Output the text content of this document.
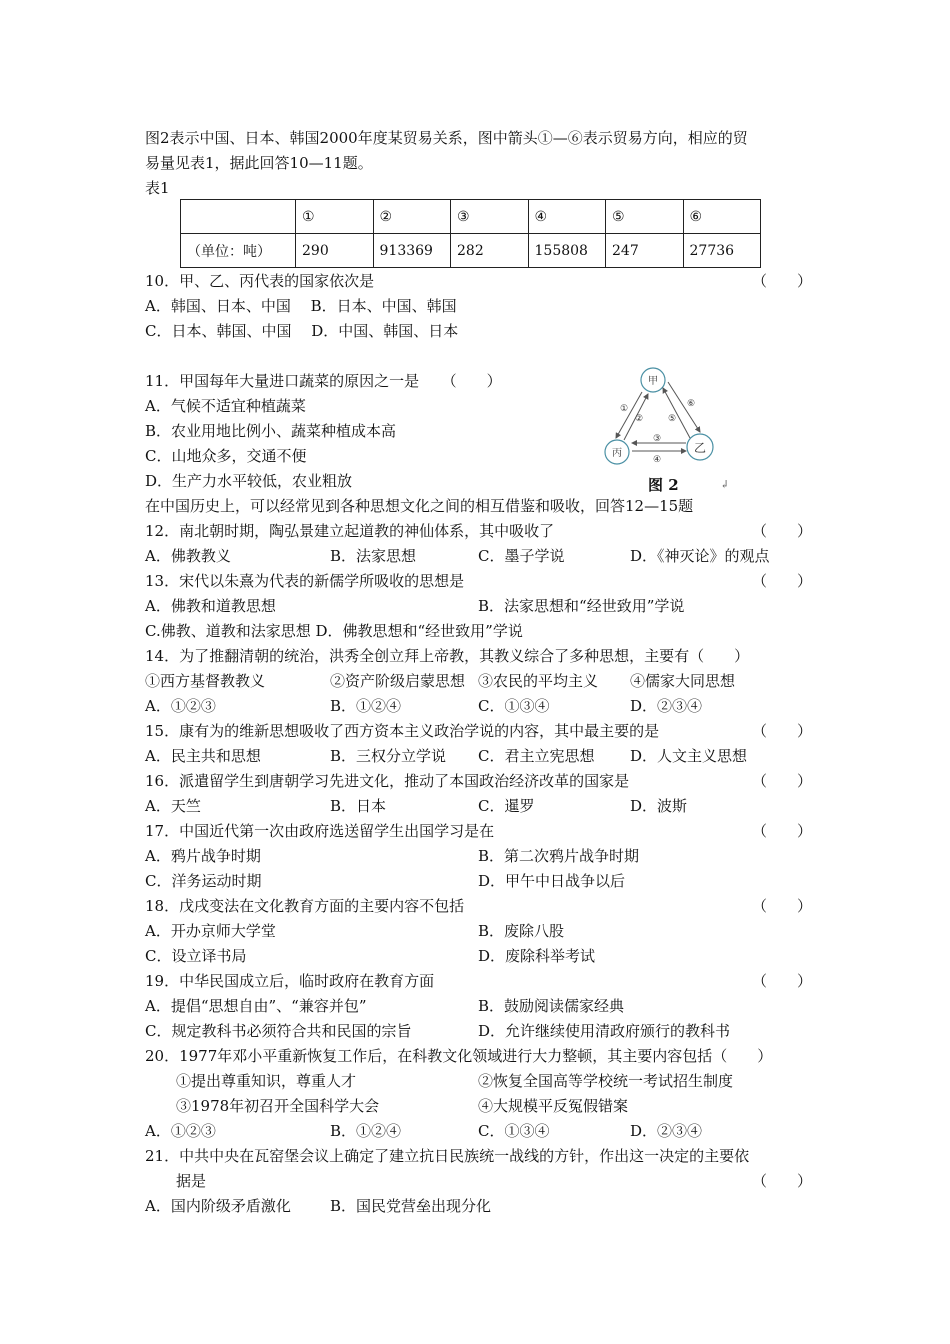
图2表示中国、日本、韩国2000年度某贸易关系，图中箭头①—⑥表示贸易方向，相应的贸
易量见表1，据此回答10—11题。
表1
	①	②	③	④	⑤	⑥
（单位：吨）	290	913369	282	155808	247	27736
10．甲、乙、丙代表的国家依次是	（　　）
A．韩国、日本、中国　 B．日本、中国、韩国
C．日本、韩国、中国　 D．中国、韩国、日本
11．甲国每年大量进口蔬菜的原因之一是　　（　　）
A．气候不适宜种植蔬菜
B．农业用地比例小、蔬菜种植成本高
C．山地众多，交通不便
D．生产力水平较低，农业粗放
甲
丙	乙
①
②
③
④
⑤
⑥
图 2	↲
在中国历史上，可以经常见到各种思想文化之间的相互借鉴和吸收，回答12—15题
12．南北朝时期，陶弘景建立起道教的神仙体系，其中吸收了	（　　）
A．佛教教义	B．法家思想	C．墨子学说	D．《神灭论》的观点
13．宋代以朱熹为代表的新儒学所吸收的思想是	（　　）
A．佛教和道教思想	B．法家思想和“经世致用”学说
C.佛教、道教和法家思想 D．佛教思想和“经世致用”学说
14．为了推翻清朝的统治，洪秀全创立拜上帝教，其教义综合了多种思想，主要有（　　）
①西方基督教教义	②资产阶级启蒙思想 ③农民的平均主义 ④儒家大同思想
A．①②③	B．①②④	C．①③④	D．②③④
15．康有为的维新思想吸收了西方资本主义政治学说的内容，其中最主要的是	（　　）
A．民主共和思想	B．三权分立学说 C．君主立宪思想 D．人文主义思想
16．派遣留学生到唐朝学习先进文化，推动了本国政治经济改革的国家是	（　　）
A．天竺	B．日本	C．暹罗	D．波斯
17．中国近代第一次由政府选送留学生出国学习是在	（　　）
A．鸦片战争时期	B．第二次鸦片战争时期
C．洋务运动时期	D．甲午中日战争以后
18．戊戌变法在文化教育方面的主要内容不包括	（　　）
A．开办京师大学堂	B．废除八股
C．设立译书局	D．废除科举考试
19．中华民国成立后，临时政府在教育方面	（　　）
A．提倡“思想自由”、“兼容并包”	B．鼓励阅读儒家经典
C．规定教科书必须符合共和民国的宗旨	D．允许继续使用清政府颁行的教科书
20．1977年邓小平重新恢复工作后，在科教文化领域进行大力整顿，其主要内容包括（　　）
①提出尊重知识，尊重人才	②恢复全国高等学校统一考试招生制度
③1978年初召开全国科学大会	④大规模平反冤假错案
A．①②③	B．①②④	C．①③④	D．②③④
21．中共中央在瓦窑堡会议上确定了建立抗日民族统一战线的方针，作出这一决定的主要依
据是	（　　）
A．国内阶级矛盾激化	B．国民党营垒出现分化
